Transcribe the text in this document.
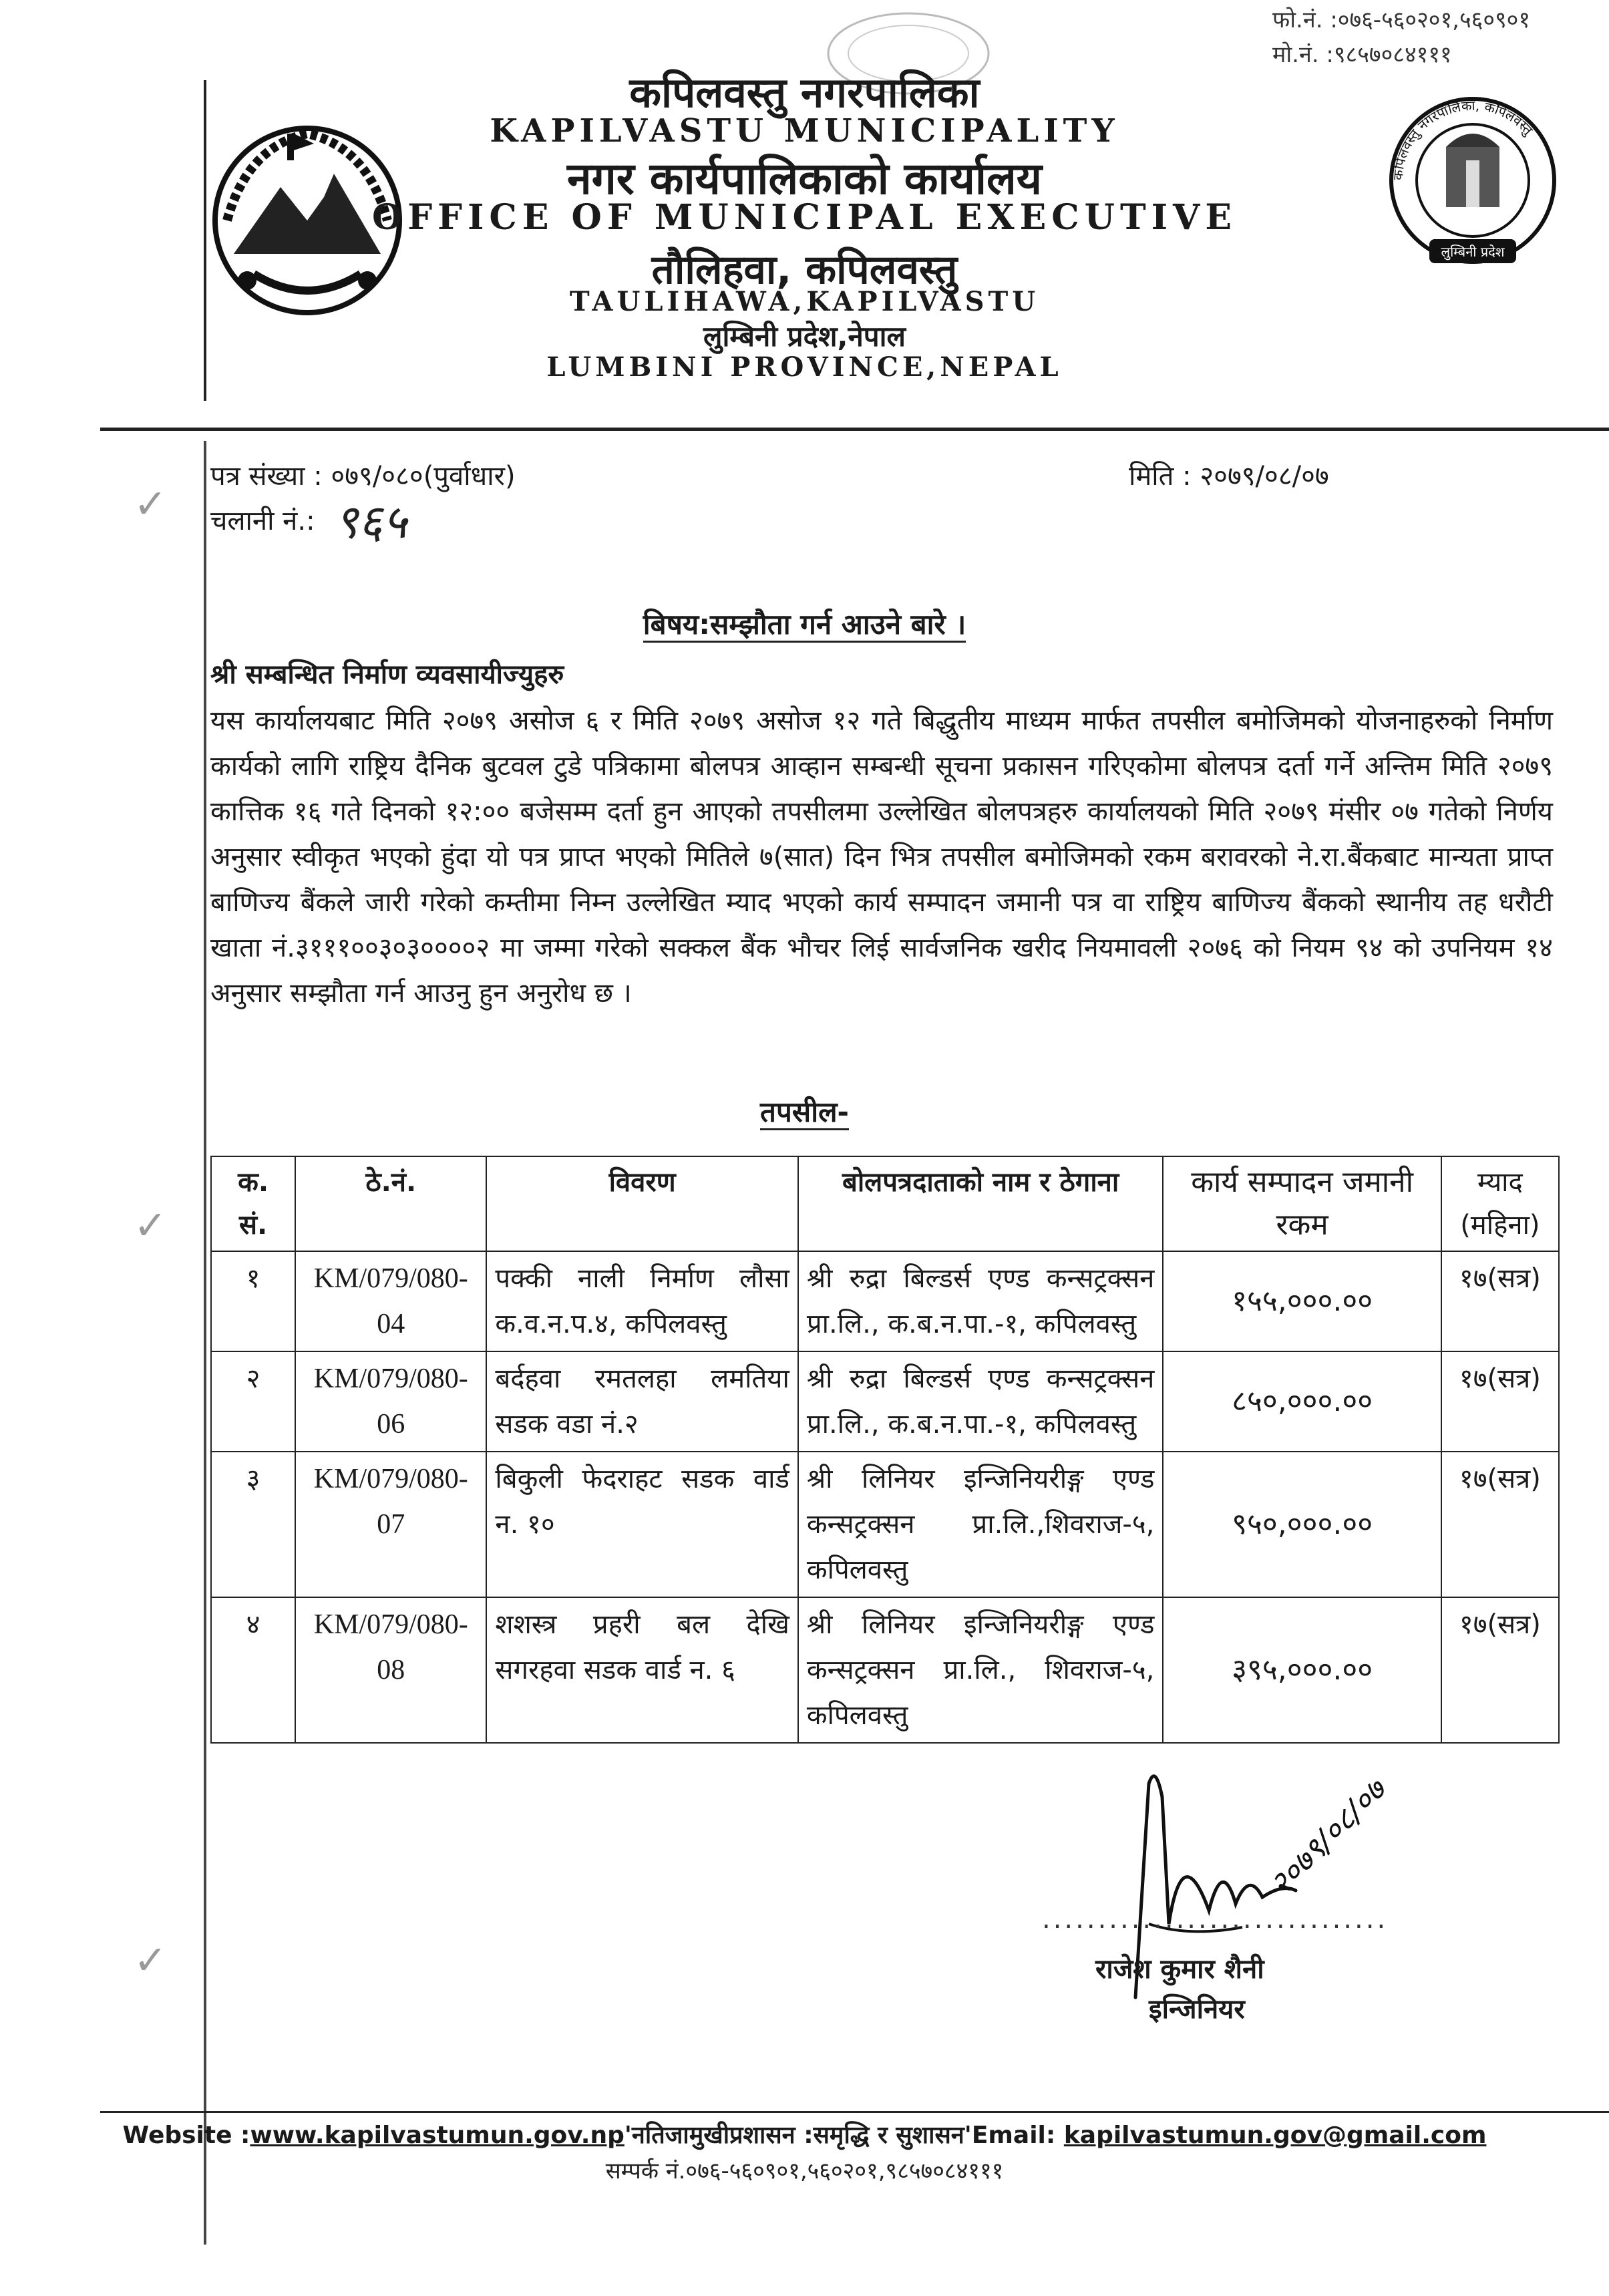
फो.नं. :०७६-५६०२०१,५६०९०१
मो.नं. :९८५७०८४१११
कपिलवस्तु नगरपालिका, कपिलवस्तु
लुम्बिनी प्रदेश
कपिलवस्तु नगरपालिका
KAPILVASTU MUNICIPALITY
नगर कार्यपालिकाको कार्यालय
OFFICE OF MUNICIPAL EXECUTIVE
तौलिहवा, कपिलवस्तु
TAULIHAWA,KAPILVASTU
लुम्बिनी प्रदेश,नेपाल
LUMBINI PROVINCE,NEPAL
✓
✓
✓
पत्र संख्या : ०७९/०८०(पुर्वाधार)	मिति : २०७९/०८/०७
चलानी नं.: ९६५
बिषय:सम्झौता गर्न आउने बारे ।
श्री सम्बन्धित निर्माण व्यवसायीज्युहरु
यस कार्यालयबाट मिति २०७९ असोज ६ र मिति २०७९ असोज १२ गते बिद्धुतीय माध्यम मार्फत तपसील बमोजिमको योजनाहरुको निर्माण कार्यको लागि राष्ट्रिय दैनिक बुटवल टुडे पत्रिकामा बोलपत्र आव्हान सम्बन्धी सूचना प्रकासन गरिएकोमा बोलपत्र दर्ता गर्ने अन्तिम मिति २०७९ कात्तिक १६ गते दिनको १२:०० बजेसम्म दर्ता हुन आएको तपसीलमा उल्लेखित बोलपत्रहरु कार्यालयको मिति २०७९ मंसीर ०७ गतेको निर्णय अनुसार स्वीकृत भएको हुंदा यो पत्र प्राप्त भएको मितिले ७(सात) दिन भित्र तपसील बमोजिमको रकम बरावरको ने.रा.बैंकबाट मान्यता प्राप्त बाणिज्य बैंकले जारी गरेको कम्तीमा निम्न उल्लेखित म्याद भएको कार्य सम्पादन जमानी पत्र वा राष्ट्रिय बाणिज्य बैंकको स्थानीय तह धरौटी खाता नं.३१११००३०३००००२ मा जम्मा गरेको सक्कल बैंक भौचर लिई सार्वजनिक खरीद नियमावली २०७६ को नियम ९४ को उपनियम १४ अनुसार सम्झौता गर्न आउनु हुन अनुरोध छ ।
तपसील-
क. सं.	ठे.नं.	विवरण	बोलपत्रदाताको नाम र ठेगाना	कार्य सम्पादन जमानी रकम	म्याद (महिना)
१	KM/079/080-04	पक्की नाली निर्माण लौसा क.व.न.प.४, कपिलवस्तु	श्री रुद्रा बिल्डर्स एण्ड कन्सट्रक्सन प्रा.लि., क.ब.न.पा.-१, कपिलवस्तु	१५५,०००.००	१७(सत्र)
२	KM/079/080-06	बर्दहवा रमतलहा लमतिया सडक वडा नं.२	श्री रुद्रा बिल्डर्स एण्ड कन्सट्रक्सन प्रा.लि., क.ब.न.पा.-१, कपिलवस्तु	८५०,०००.००	१७(सत्र)
३	KM/079/080-07	बिकुली फेदराहट सडक वार्ड न. १०	श्री लिनियर इन्जिनियरीङ्ग एण्ड कन्सट्रक्सन प्रा.लि.,शिवराज-५, कपिलवस्तु	९५०,०००.००	१७(सत्र)
४	KM/079/080-08	शशस्त्र प्रहरी बल देखि सगरहवा सडक वार्ड न. ६	श्री लिनियर इन्जिनियरीङ्ग एण्ड कन्सट्रक्सन प्रा.लि., शिवराज-५, कपिलवस्तु	३९५,०००.००	१७(सत्र)
२०७९/०८/०७
...............................
राजेश कुमार शैनी
इन्जिनियर
Website :www.kapilvastumun.gov.np'नतिजामुखीप्रशासन :समृद्धि र सुशासन'Email: kapilvastumun.gov@gmail.com
सम्पर्क नं.०७६-५६०९०१,५६०२०१,९८५७०८४१११
